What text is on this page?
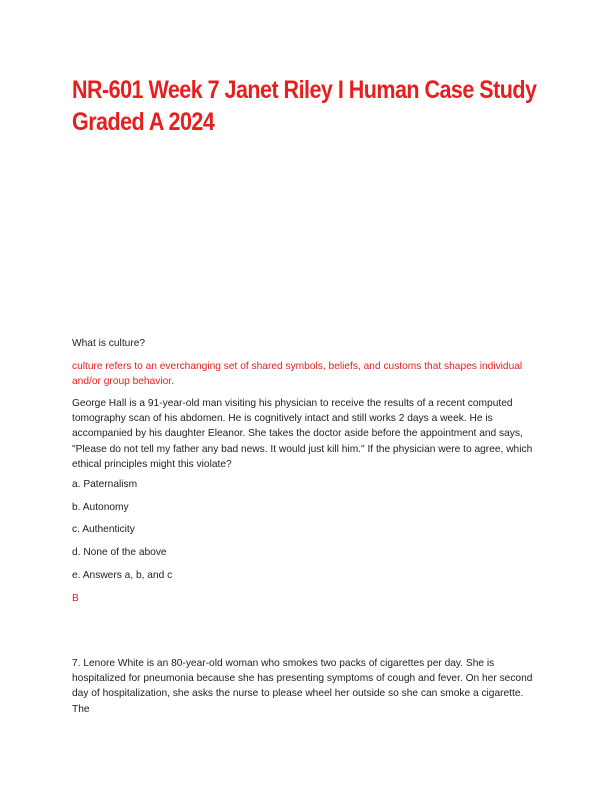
NR-601 Week 7 Janet Riley I Human Case Study
Graded A 2024

What is culture?

culture refers to an everchanging set of shared symbols, beliefs, and customs that shapes individual and/or group behavior.

George Hall is a 91-year-old man visiting his physician to receive the results of a recent computed tomography scan of his abdomen. He is cognitively intact and still works 2 days a week. He is accompanied by his daughter Eleanor. She takes the doctor aside before the appointment and says, "Please do not tell my father any bad news. It would just kill him." If the physician were to agree, which ethical principles might this violate?

a. Paternalism

b. Autonomy

c. Authenticity

d. None of the above

e. Answers a, b, and c

B

7. Lenore White is an 80-year-old woman who smokes two packs of cigarettes per day. She is hospitalized for pneumonia because she has presenting symptoms of cough and fever. On her second day of hospitalization, she asks the nurse to please wheel her outside so she can smoke a cigarette. The
